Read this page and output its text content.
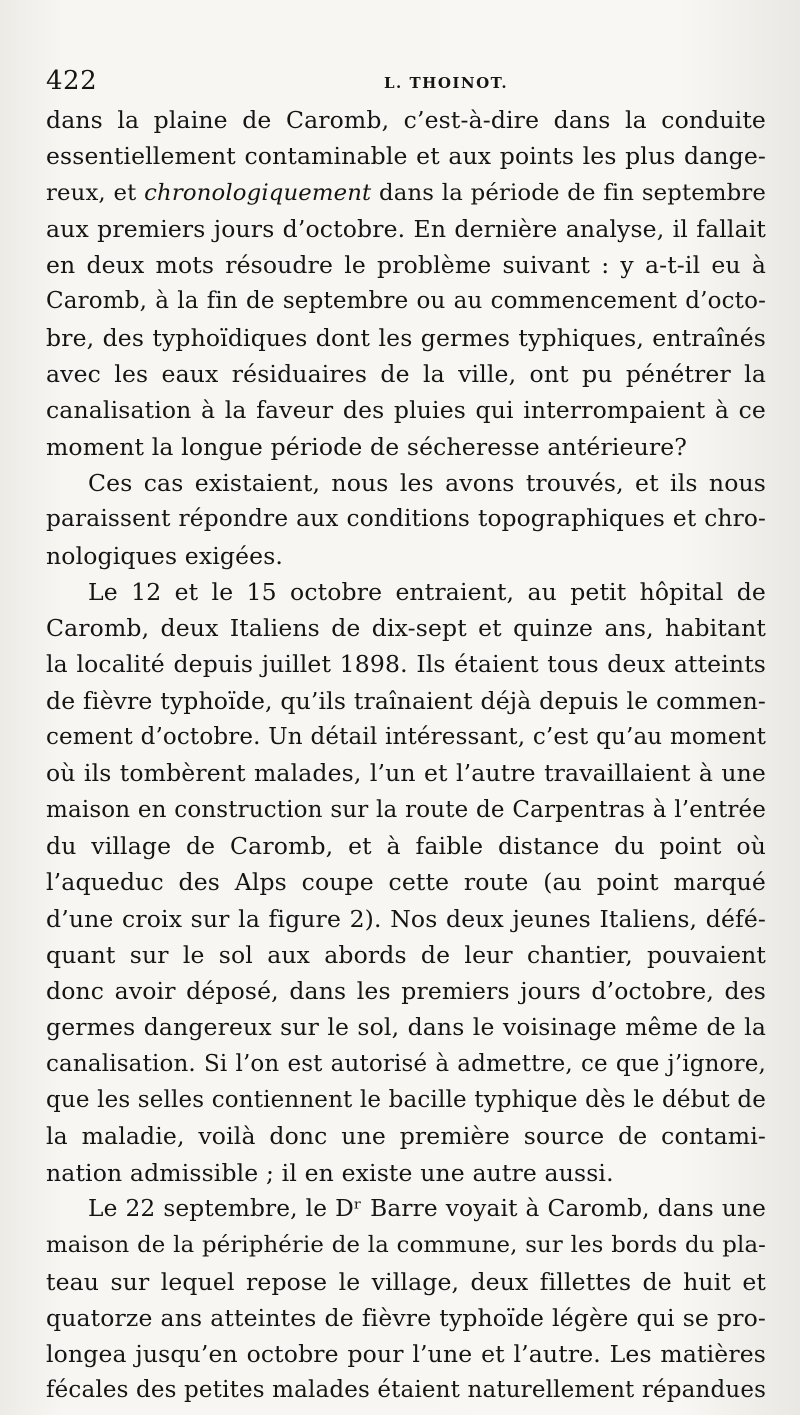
422	L. THOINOT.
dans la plaine de Caromb, c’est-à-dire dans la conduite
essentiellement contaminable et aux points les plus dange-
reux, et chronologiquement dans la période de fin septembre
aux premiers jours d’octobre. En dernière analyse, il fallait
en deux mots résoudre le problème suivant : y a-t-il eu à
Caromb, à la fin de septembre ou au commencement d’octo-
bre, des typhoïdiques dont les germes typhiques, entraînés
avec les eaux résiduaires de la ville, ont pu pénétrer la
canalisation à la faveur des pluies qui interrompaient à ce
moment la longue période de sécheresse antérieure?
Ces cas existaient, nous les avons trouvés, et ils nous
paraissent répondre aux conditions topographiques et chro-
nologiques exigées.
Le 12 et le 15 octobre entraient, au petit hôpital de
Caromb, deux Italiens de dix-sept et quinze ans, habitant
la localité depuis juillet 1898. Ils étaient tous deux atteints
de fièvre typhoïde, qu’ils traînaient déjà depuis le commen-
cement d’octobre. Un détail intéressant, c’est qu’au moment
où ils tombèrent malades, l’un et l’autre travaillaient à une
maison en construction sur la route de Carpentras à l’entrée
du village de Caromb, et à faible distance du point où
l’aqueduc des Alps coupe cette route (au point marqué
d’une croix sur la figure 2). Nos deux jeunes Italiens, défé-
quant sur le sol aux abords de leur chantier, pouvaient
donc avoir déposé, dans les premiers jours d’octobre, des
germes dangereux sur le sol, dans le voisinage même de la
canalisation. Si l’on est autorisé à admettre, ce que j’ignore,
que les selles contiennent le bacille typhique dès le début de
la maladie, voilà donc une première source de contami-
nation admissible ; il en existe une autre aussi.
Le 22 septembre, le Dʳ Barre voyait à Caromb, dans une
maison de la périphérie de la commune, sur les bords du pla-
teau sur lequel repose le village, deux fillettes de huit et
quatorze ans atteintes de fièvre typhoïde légère qui se pro-
longea jusqu’en octobre pour l’une et l’autre. Les matières
fécales des petites malades étaient naturellement répandues
